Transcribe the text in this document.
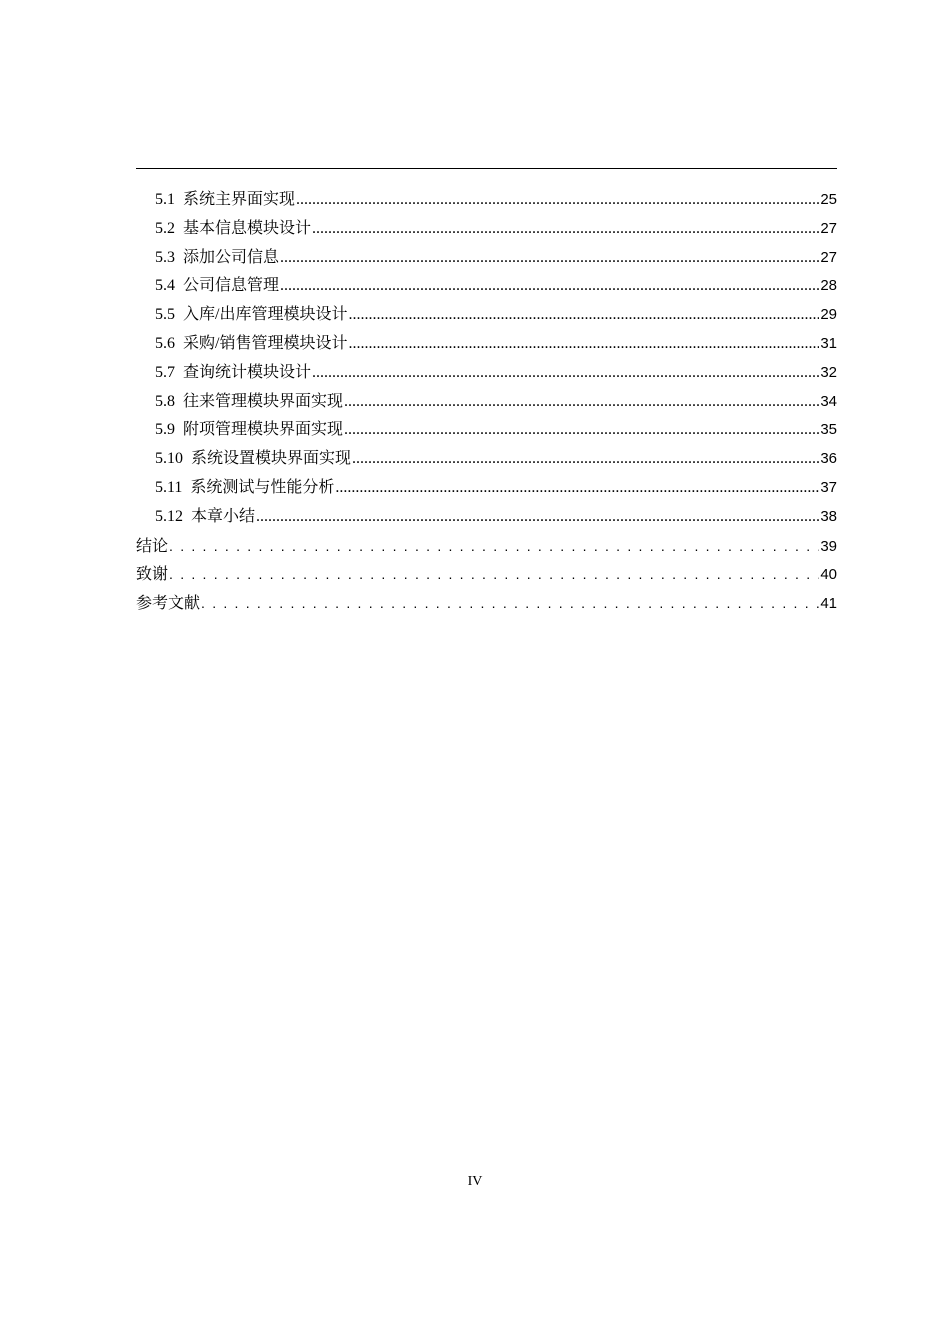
5.1 系统主界面实现 .....	25
5.2 基本信息模块设计 .....	27
5.3 添加公司信息 .....	27
5.4 公司信息管理 .....	28
5.5 入库/出库管理模块设计 .....	29
5.6 采购/销售管理模块设计 .....	31
5.7 查询统计模块设计 .....	32
5.8 往来管理模块界面实现 .....	34
5.9 附项管理模块界面实现 .....	35
5.10 系统设置模块界面实现 .....	36
5.11 系统测试与性能分析 .....	37
5.12 本章小结 .....	38
结论 . . .	39
致谢 . . .	40
参考文献 . . .	41
IV
